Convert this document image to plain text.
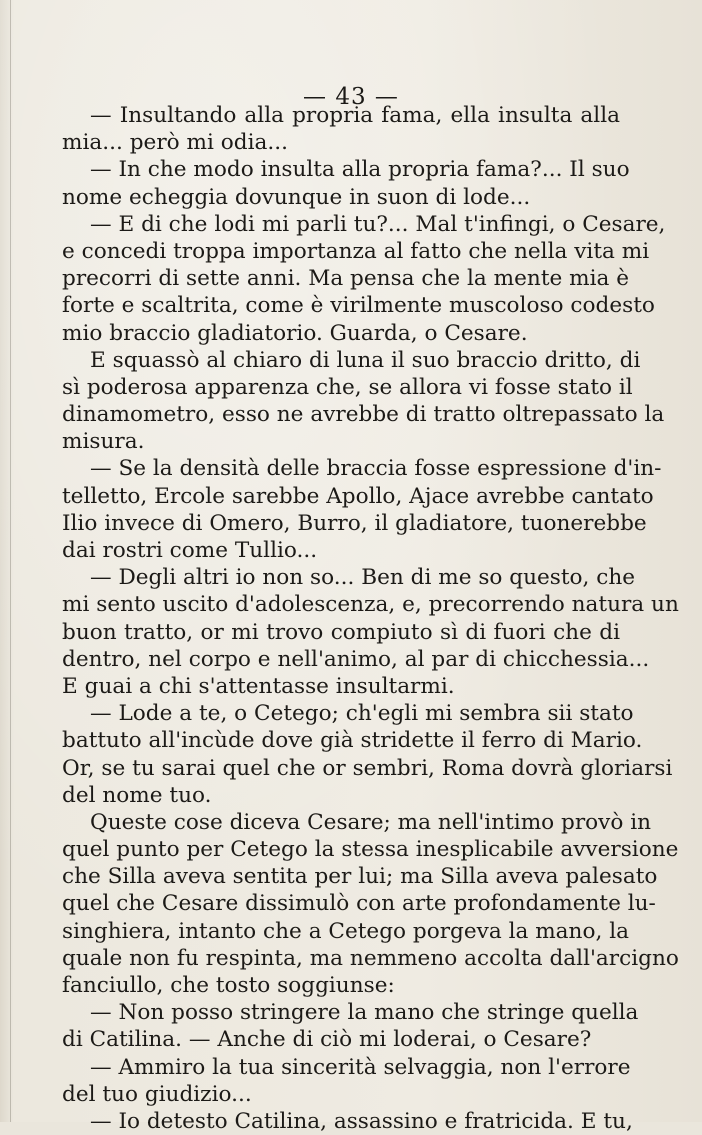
— 43 —
— Insultando alla propria fama, ella insulta alla
mia... però mi odia...
— In che modo insulta alla propria fama?... Il suo
nome echeggia dovunque in suon di lode...
— E di che lodi mi parli tu?... Mal t'infingi, o Cesare,
e concedi troppa importanza al fatto che nella vita mi
precorri di sette anni. Ma pensa che la mente mia è
forte e scaltrita, come è virilmente muscoloso codesto
mio braccio gladiatorio. Guarda, o Cesare.
E squassò al chiaro di luna il suo braccio dritto, di
sì poderosa apparenza che, se allora vi fosse stato il
dinamometro, esso ne avrebbe di tratto oltrepassato la
misura.
— Se la densità delle braccia fosse espressione d'in-
telletto, Ercole sarebbe Apollo, Ajace avrebbe cantato
Ilio invece di Omero, Burro, il gladiatore, tuonerebbe
dai rostri come Tullio...
— Degli altri io non so... Ben di me so questo, che
mi sento uscito d'adolescenza, e, precorrendo natura un
buon tratto, or mi trovo compiuto sì di fuori che di
dentro, nel corpo e nell'animo, al par di chicchessia...
E guai a chi s'attentasse insultarmi.
— Lode a te, o Cetego; ch'egli mi sembra sii stato
battuto all'incùde dove già stridette il ferro di Mario.
Or, se tu sarai quel che or sembri, Roma dovrà gloriarsi
del nome tuo.
Queste cose diceva Cesare; ma nell'intimo provò in
quel punto per Cetego la stessa inesplicabile avversione
che Silla aveva sentita per lui; ma Silla aveva palesato
quel che Cesare dissimulò con arte profondamente lu-
singhiera, intanto che a Cetego porgeva la mano, la
quale non fu respinta, ma nemmeno accolta dall'arcigno
fanciullo, che tosto soggiunse:
— Non posso stringere la mano che stringe quella
di Catilina. — Anche di ciò mi loderai, o Cesare?
— Ammiro la tua sincerità selvaggia, non l'errore
del tuo giudizio...
— Io detesto Catilina, assassino e fratricida. E tu,
